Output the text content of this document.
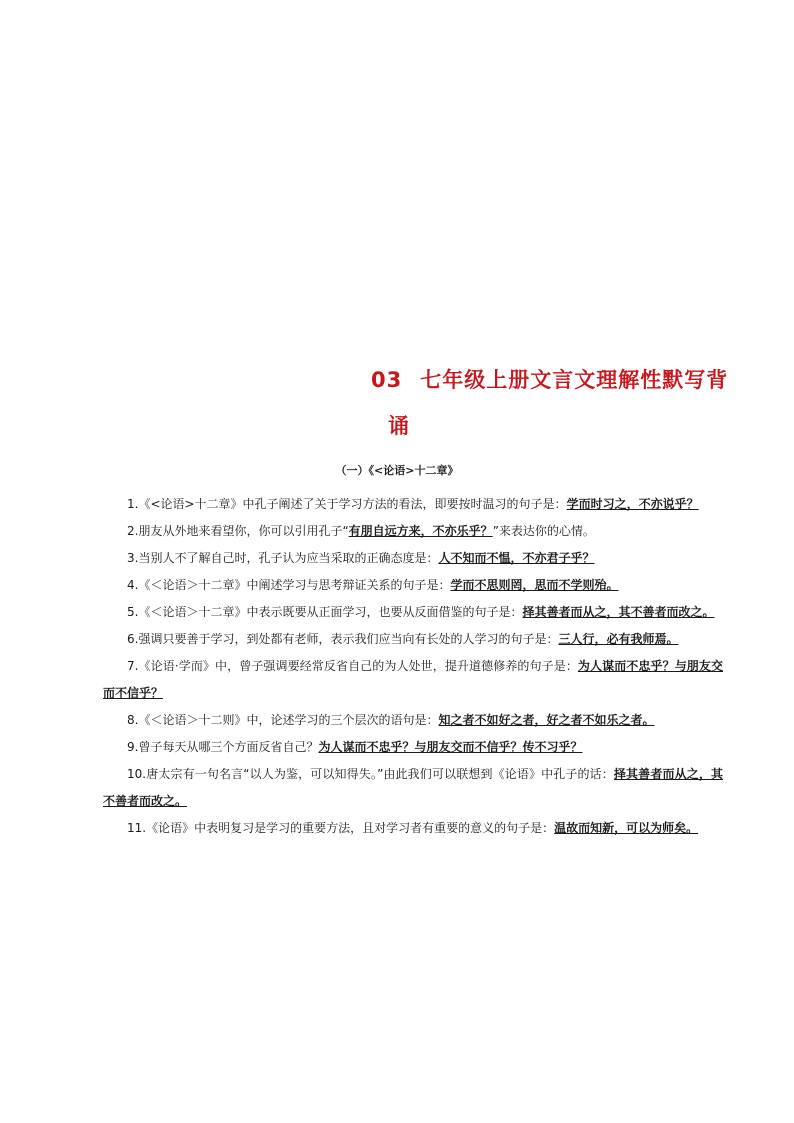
03 七年级上册文言文理解性默写背
诵
（一）《<论语>十二章》

1.《<论语>十二章》中孔子阐述了关于学习方法的看法，即要按时温习的句子是：学而时习之，不亦说乎？

2.朋友从外地来看望你，你可以引用孔子“有朋自远方来，不亦乐乎？”来表达你的心情。

3.当别人不了解自己时，孔子认为应当采取的正确态度是：人不知而不愠，不亦君子乎？

4.《＜论语＞十二章》中阐述学习与思考辩证关系的句子是：学而不思则罔，思而不学则殆。

5.《＜论语＞十二章》中表示既要从正面学习，也要从反面借鉴的句子是：择其善者而从之，其不善者而改之。

6.强调只要善于学习，到处都有老师，表示我们应当向有长处的人学习的句子是：三人行，必有我师焉。

7.《论语·学而》中，曾子强调要经常反省自己的为人处世，提升道德修养的句子是：为人谋而不忠乎？与朋友交而不信乎？

8.《＜论语＞十二则》中，论述学习的三个层次的语句是：知之者不如好之者，好之者不如乐之者。

9.曾子每天从哪三个方面反省自己？为人谋而不忠乎？与朋友交而不信乎？传不习乎？

10.唐太宗有一句名言“以人为鉴，可以知得失。”由此我们可以联想到《论语》中孔子的话：择其善者而从之，其不善者而改之。

11.《论语》中表明复习是学习的重要方法，且对学习者有重要的意义的句子是：温故而知新，可以为师矣。
